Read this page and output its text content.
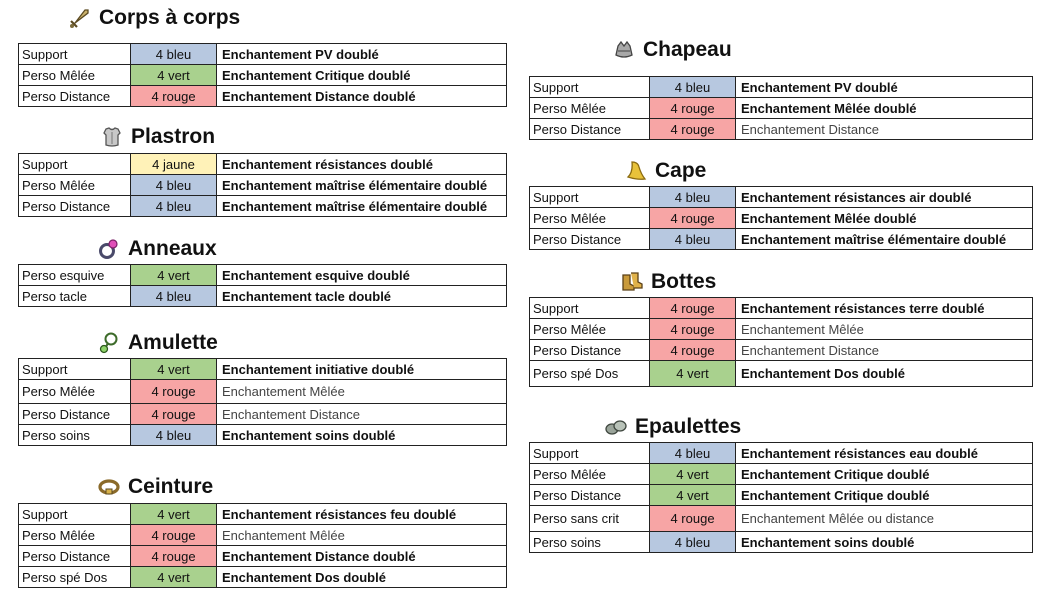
Corps à corps
Support	4 bleu	Enchantement PV doublé
Perso Mêlée	4 vert	Enchantement Critique doublé
Perso Distance	4 rouge	Enchantement Distance doublé
Plastron
Support	4 jaune	Enchantement résistances doublé
Perso Mêlée	4 bleu	Enchantement maîtrise élémentaire doublé
Perso Distance	4 bleu	Enchantement maîtrise élémentaire doublé
Anneaux
Perso esquive	4 vert	Enchantement esquive doublé
Perso tacle	4 bleu	Enchantement tacle doublé
Amulette
Support	4 vert	Enchantement initiative doublé
Perso Mêlée	4 rouge	Enchantement Mêlée
Perso Distance	4 rouge	Enchantement Distance
Perso soins	4 bleu	Enchantement soins doublé
Ceinture
Support	4 vert	Enchantement résistances feu doublé
Perso Mêlée	4 rouge	Enchantement Mêlée
Perso Distance	4 rouge	Enchantement Distance doublé
Perso spé Dos	4 vert	Enchantement Dos doublé
Chapeau
Support	4 bleu	Enchantement PV doublé
Perso Mêlée	4 rouge	Enchantement Mêlée doublé
Perso Distance	4 rouge	Enchantement Distance
Cape
Support	4 bleu	Enchantement résistances air doublé
Perso Mêlée	4 rouge	Enchantement Mêlée doublé
Perso Distance	4 bleu	Enchantement maîtrise élémentaire doublé
Bottes
Support	4 rouge	Enchantement résistances terre doublé
Perso Mêlée	4 rouge	Enchantement Mêlée
Perso Distance	4 rouge	Enchantement Distance
Perso spé Dos	4 vert	Enchantement Dos doublé
Epaulettes
Support	4 bleu	Enchantement résistances eau doublé
Perso Mêlée	4 vert	Enchantement Critique doublé
Perso Distance	4 vert	Enchantement Critique doublé
Perso sans crit	4 rouge	Enchantement Mêlée ou distance
Perso soins	4 bleu	Enchantement soins doublé
